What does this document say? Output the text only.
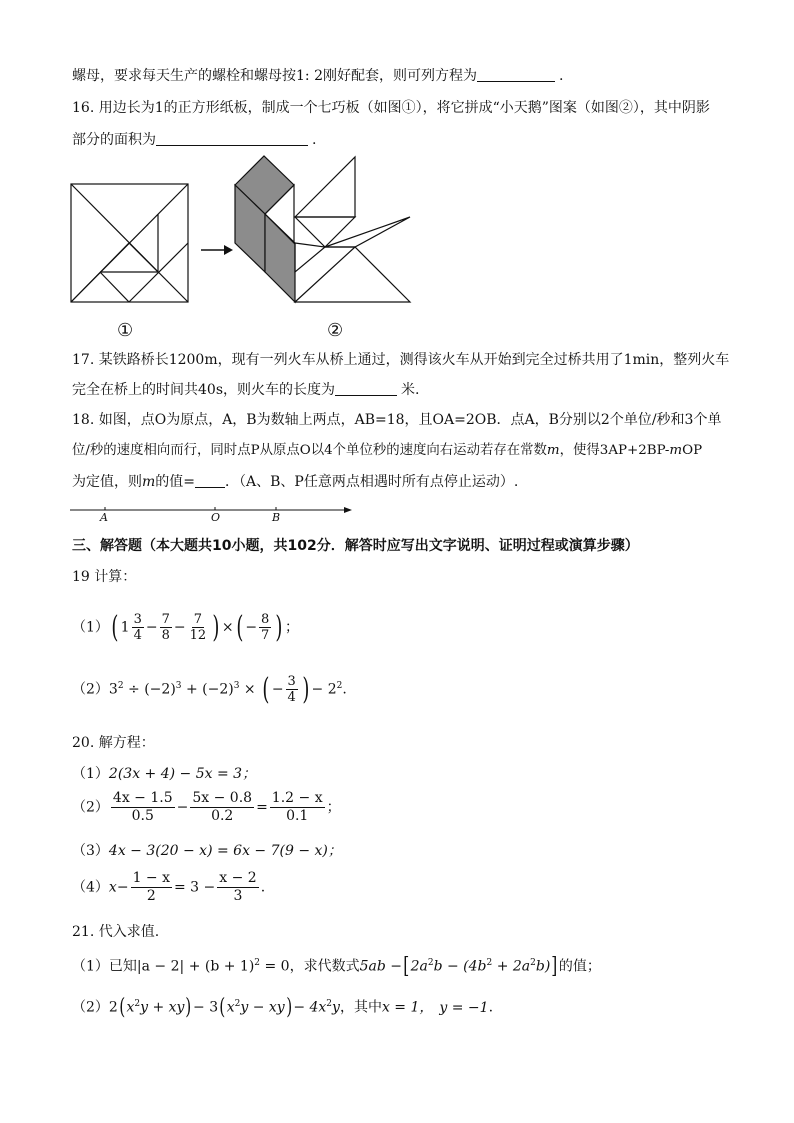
螺母，要求每天生产的螺栓和螺母按1: 2刚好配套，则可列方程为	.
16. 用边长为1的正方形纸板，制成一个七巧板（如图①），将它拼成“小天鹅”图案（如图②），其中阴影
部分的面积为	.
①	②
17. 某铁路桥长1200m，现有一列火车从桥上通过，测得该火车从开始到完全过桥共用了1min，整列火车
完全在桥上的时间共40s，则火车的长度为	米.
18. 如图，点O为原点，A，B为数轴上两点，AB=18，且OA=2OB．点A，B分别以2个单位/秒和3个单
位/秒的速度相向而行，同时点P从原点O以4个单位秒的速度向右运动若存在常数m，使得3AP+2BP-mOP
为定值，则m的值= ．（A、B、P任意两点相遇时所有点停止运动）.
A	O	B
三、解答题（本大题共10小题，共102分．解答时应写出文字说明、证明过程或演算步骤）
19 计算：
（1）( $1 \frac{3}{4} - \frac{7}{8} - \frac{7}{12}$ ) ×( − $\frac{8}{7}$ ) ；
$(2)3^2 \div (-2)^3 + (-2)^3$ × ( − $\frac{3}{4}$ ) − $2^2$.
20. 解方程：
（1）2(3x + 4) − 5x = 3；
$(2) \frac{4x - 1.5}{0.5} - \frac{5x - 0.8}{0.2} = \frac{1.2 - x}{0.1}$ ；
（3）4x − 3(20 − x) = 6x − 7(9 − x)；
$(4)x- \frac{1 - x}{2} = 3 - \frac{x - 2}{3}$ .
21. 代入求值.
（1）已知$|a - 2| + (b + 1)^2 = 0$，求代数式$5ab -[2a^2b - (4b^2 + 2a^2b)]$的值；
$(2)2(x^2y + xy)- 3(x^2y - xy)- 4x^2y$，其中x = 1， y = −1.
